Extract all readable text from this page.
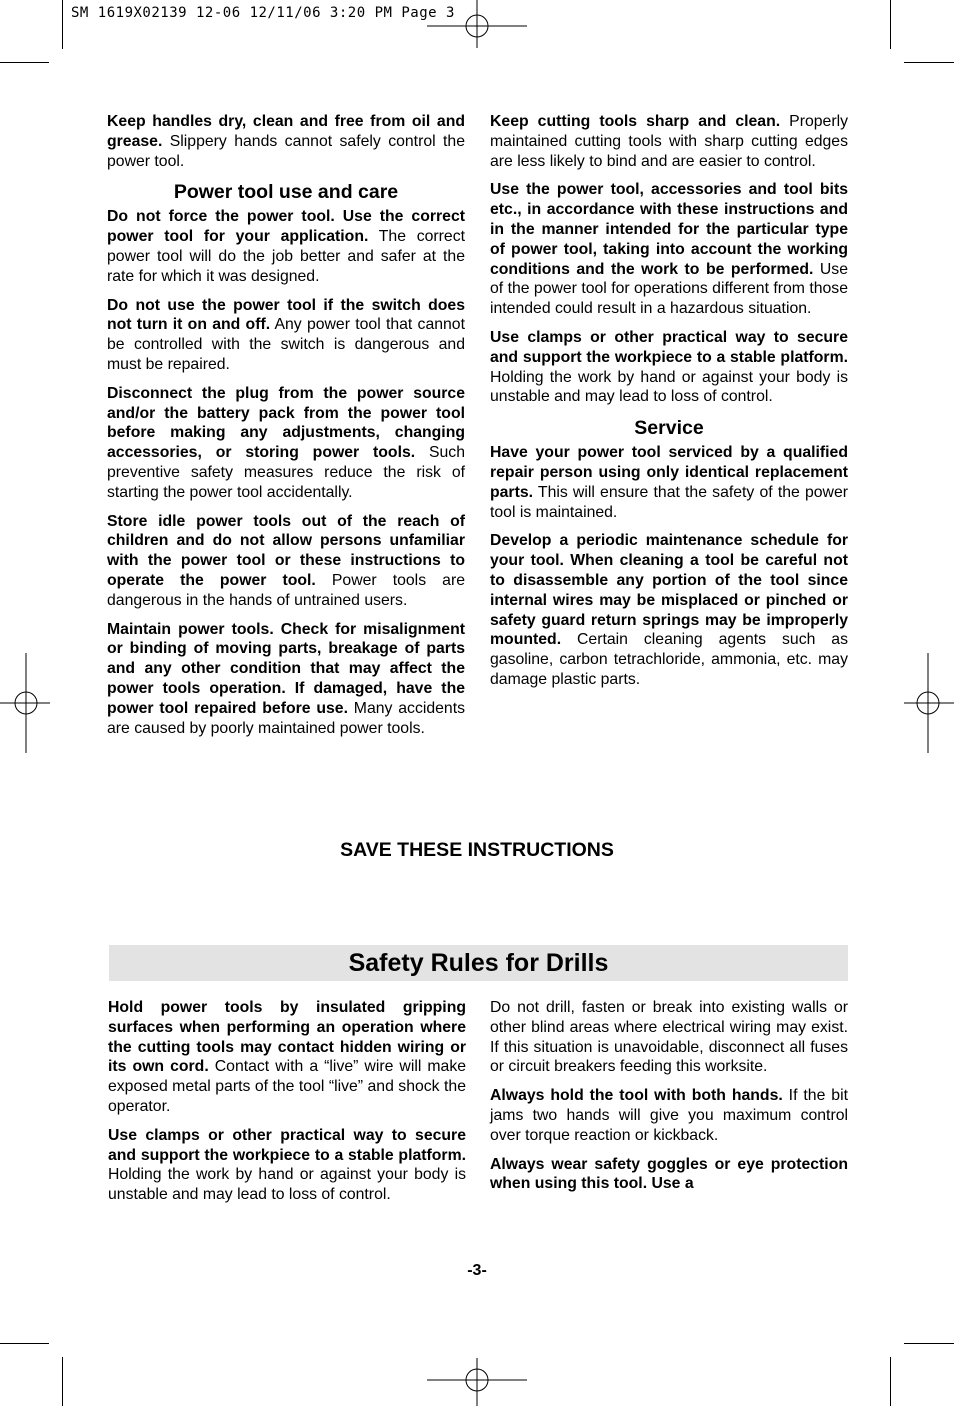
SM 1619X02139 12-06 12/11/06 3:20 PM Page 3

Keep handles dry, clean and free from oil and grease. Slippery hands cannot safely control the power tool.

Power tool use and care

Do not force the power tool. Use the correct power tool for your application. The correct power tool will do the job better and safer at the rate for which it was designed.

Do not use the power tool if the switch does not turn it on and off. Any power tool that cannot be controlled with the switch is dangerous and must be repaired.

Disconnect the plug from the power source and/or the battery pack from the power tool before making any adjustments, changing accessories, or storing power tools. Such preventive safety measures reduce the risk of starting the power tool accidentally.

Store idle power tools out of the reach of children and do not allow persons unfamiliar with the power tool or these instructions to operate the power tool. Power tools are dangerous in the hands of untrained users.

Maintain power tools. Check for misalignment or binding of moving parts, breakage of parts and any other condition that may affect the power tools operation. If damaged, have the power tool repaired before use. Many accidents are caused by poorly maintained power tools.

Keep cutting tools sharp and clean. Properly maintained cutting tools with sharp cutting edges are less likely to bind and are easier to control.

Use the power tool, accessories and tool bits etc., in accordance with these instructions and in the manner intended for the particular type of power tool, taking into account the working conditions and the work to be performed. Use of the power tool for operations different from those intended could result in a hazardous situation.

Use clamps or other practical way to secure and support the workpiece to a stable platform. Holding the work by hand or against your body is unstable and may lead to loss of control.

Service

Have your power tool serviced by a qualified repair person using only identical replacement parts. This will ensure that the safety of the power tool is maintained.

Develop a periodic maintenance schedule for your tool. When cleaning a tool be careful not to disassemble any portion of the tool since internal wires may be misplaced or pinched or safety guard return springs may be improperly mounted. Certain cleaning agents such as gasoline, carbon tetrachloride, ammonia, etc. may damage plastic parts.

SAVE THESE INSTRUCTIONS
Safety Rules for Drills

Hold power tools by insulated gripping surfaces when performing an operation where the cutting tools may contact hidden wiring or its own cord. Contact with a “live” wire will make exposed metal parts of the tool “live” and shock the operator.

Use clamps or other practical way to secure and support the workpiece to a stable platform. Holding the work by hand or against your body is unstable and may lead to loss of control.

Do not drill, fasten or break into existing walls or other blind areas where electrical wiring may exist. If this situation is unavoidable, disconnect all fuses or circuit breakers feeding this worksite.

Always hold the tool with both hands. If the bit jams two hands will give you maximum control over torque reaction or kickback.

Always wear safety goggles or eye protection when using this tool. Use a

-3-
